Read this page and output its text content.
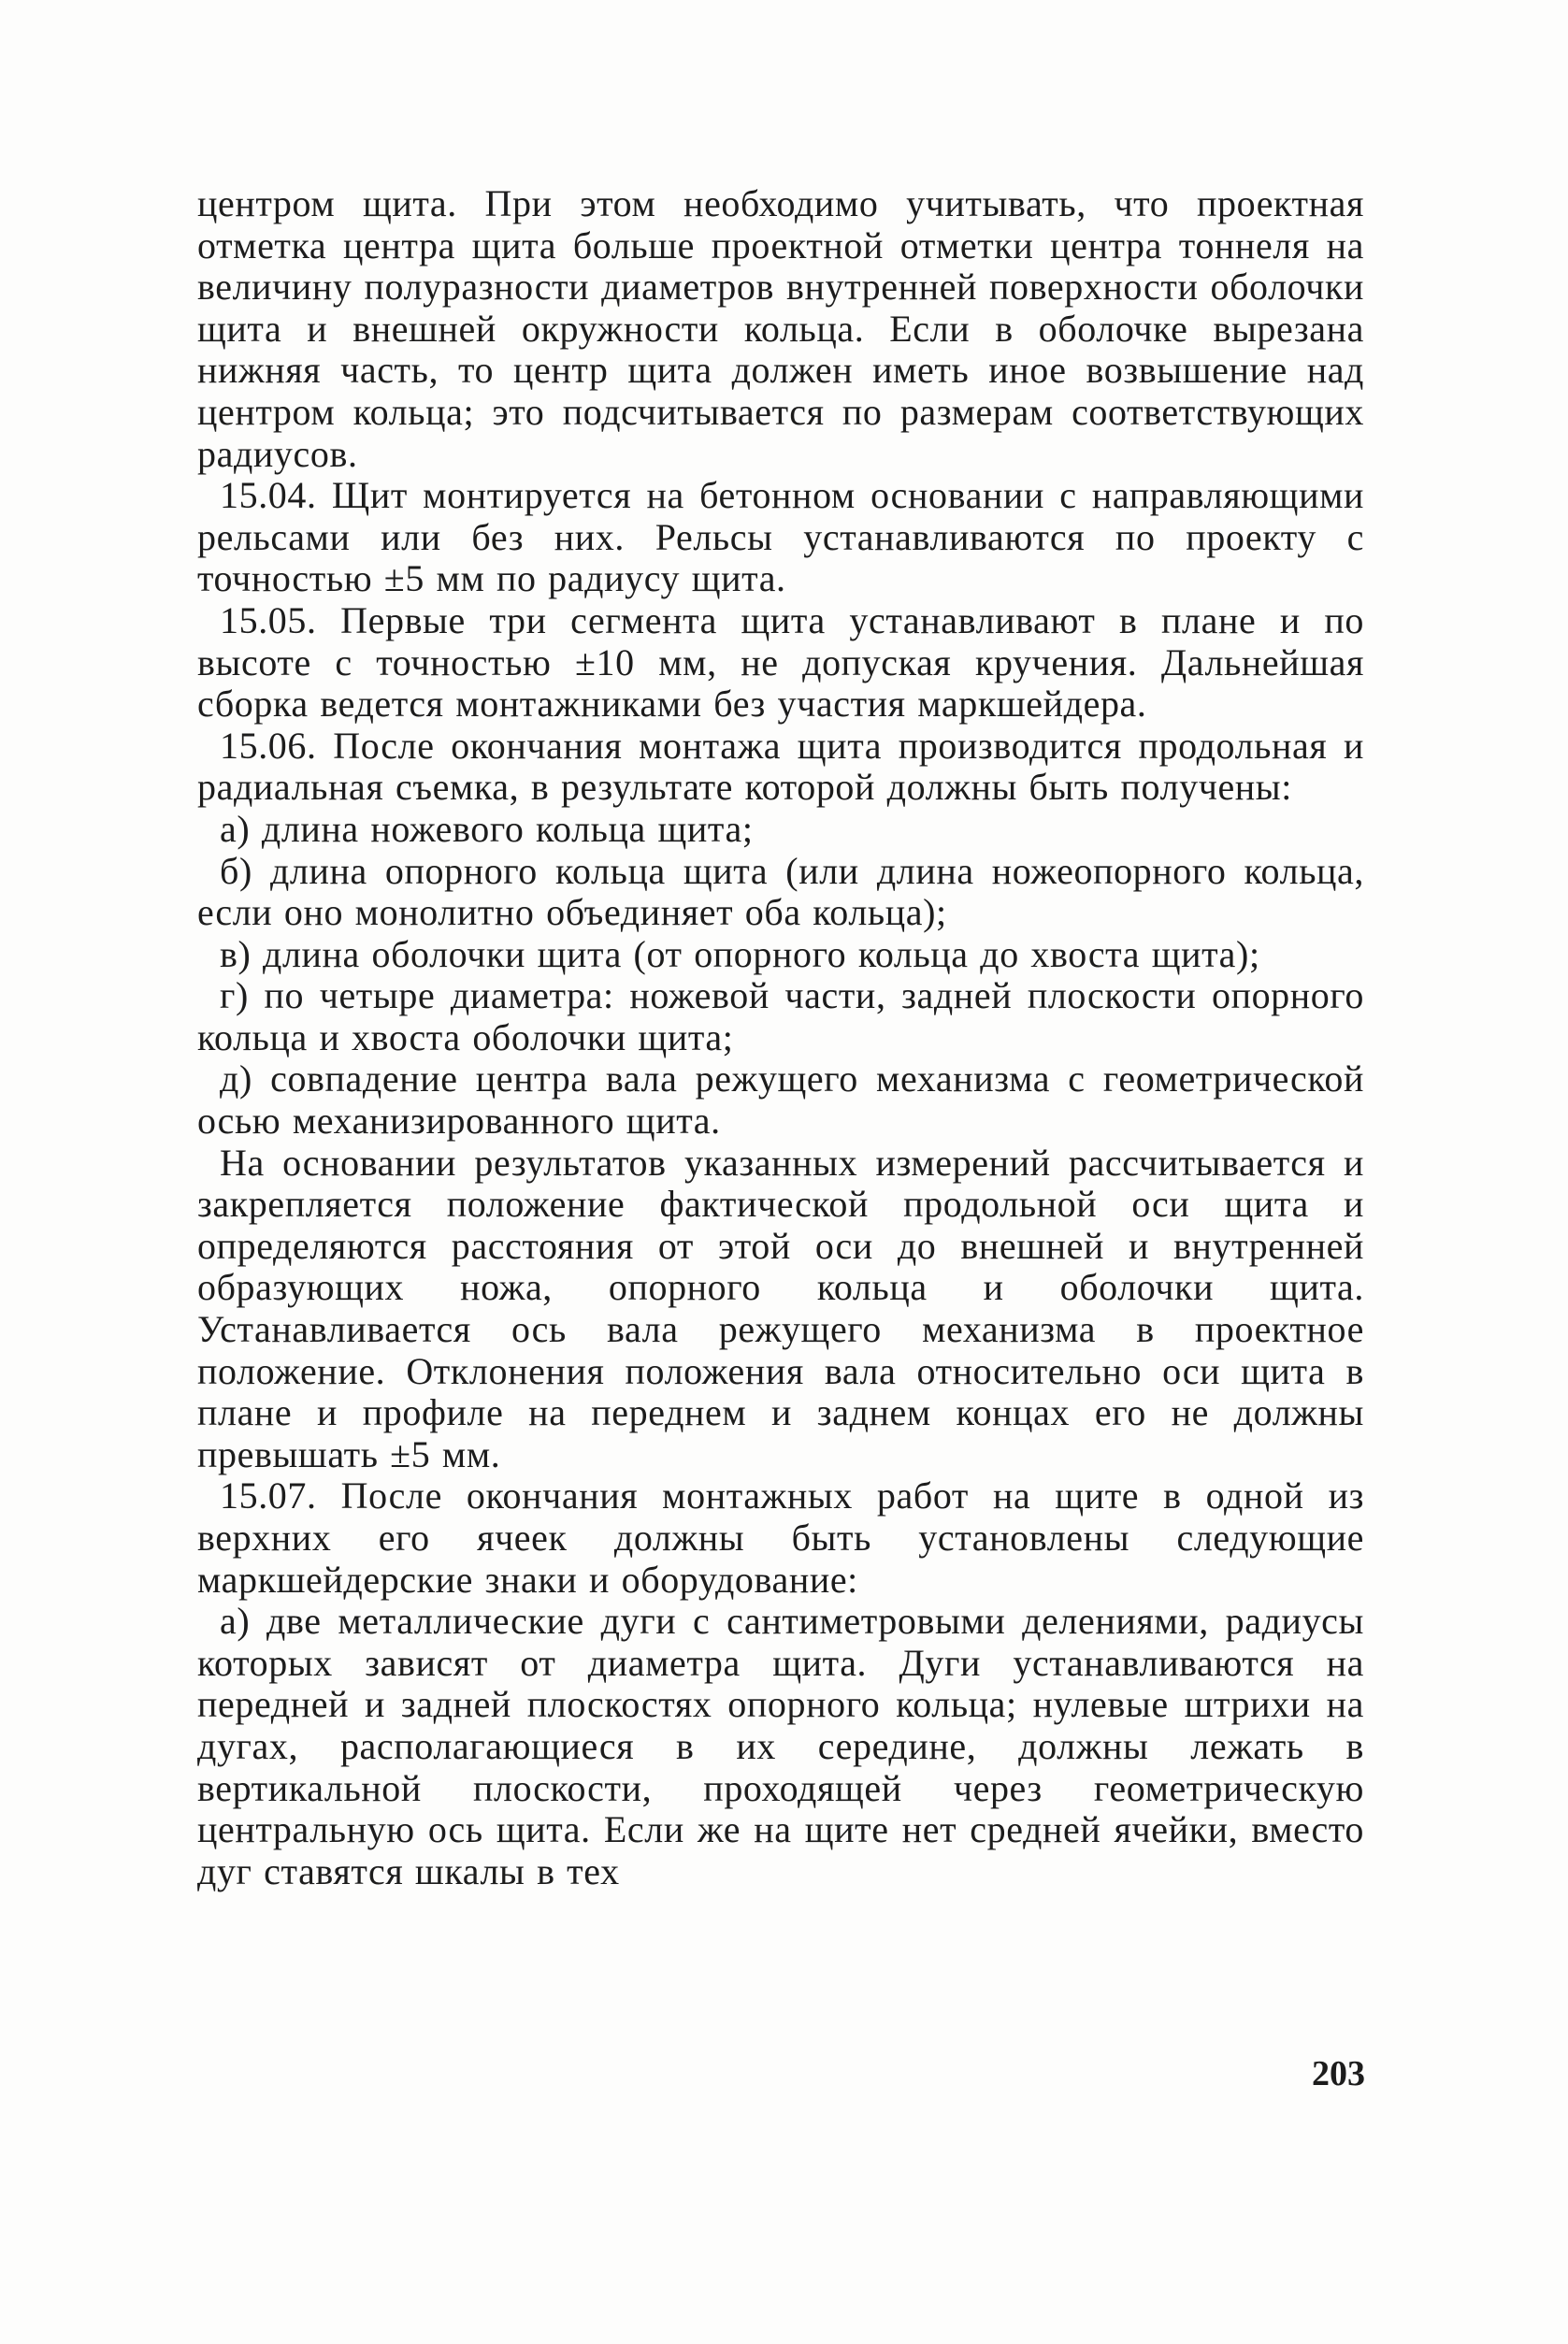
центром щита. При этом необходимо учитывать, что проектная отметка центра щита больше проектной отметки центра тоннеля на величину полуразности диаметров внутренней поверхности оболочки щита и внешней окружности кольца. Если в оболочке вырезана нижняя часть, то центр щита должен иметь иное возвышение над центром кольца; это подсчитывается по размерам соответствующих радиусов.

15.04. Щит монтируется на бетонном основании с направляющими рельсами или без них. Рельсы устанавливаются по проекту с точностью ±5 мм по радиусу щита.

15.05. Первые три сегмента щита устанавливают в плане и по высоте с точностью ±10 мм, не допуская кручения. Дальнейшая сборка ведется монтажниками без участия маркшейдера.

15.06. После окончания монтажа щита производится продольная и радиальная съемка, в результате которой должны быть получены:

а) длина ножевого кольца щита;

б) длина опорного кольца щита (или длина ножеопорного кольца, если оно монолитно объединяет оба кольца);

в) длина оболочки щита (от опорного кольца до хвоста щита);

г) по четыре диаметра: ножевой части, задней плоскости опорного кольца и хвоста оболочки щита;

д) совпадение центра вала режущего механизма с геометрической осью механизированного щита.

На основании результатов указанных измерений рассчитывается и закрепляется положение фактической продольной оси щита и определяются расстояния от этой оси до внешней и внутренней образующих ножа, опорного кольца и оболочки щита. Устанавливается ось вала режущего механизма в проектное положение. Отклонения положения вала относительно оси щита в плане и профиле на переднем и заднем концах его не должны превышать ±5 мм.

15.07. После окончания монтажных работ на щите в одной из верхних его ячеек должны быть установлены следующие маркшейдерские знаки и оборудование:

а) две металлические дуги с сантиметровыми делениями, радиусы которых зависят от диаметра щита. Дуги устанавливаются на передней и задней плоскостях опорного кольца; нулевые штрихи на дугах, располагающиеся в их середине, должны лежать в вертикальной плоскости, проходящей через геометрическую центральную ось щита. Если же на щите нет средней ячейки, вместо дуг ставятся шкалы в тех

203
